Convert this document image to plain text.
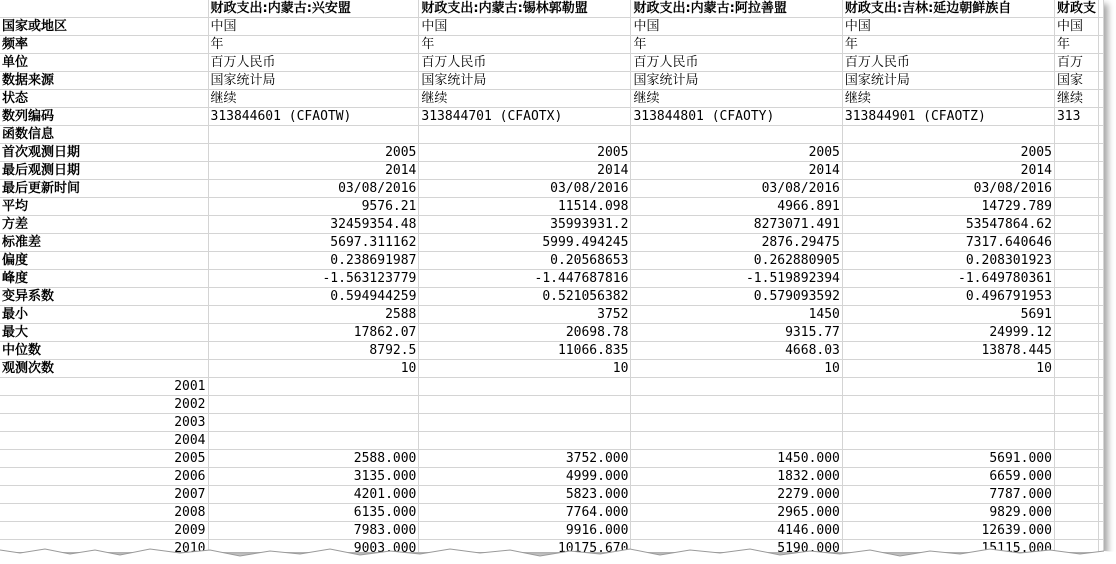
	财政支出:内蒙古:兴安盟	财政支出:内蒙古:锡林郭勒盟	财政支出:内蒙古:阿拉善盟	财政支出:吉林:延边朝鲜族自	财政支	
国家或地区	中国	中国	中国	中国	中国	
频率	年	年	年	年	年	
单位	百万人民币	百万人民币	百万人民币	百万人民币	百万	
数据来源	国家统计局	国家统计局	国家统计局	国家统计局	国家	
状态	继续	继续	继续	继续	继续	
数列编码	313844601 (CFAOTW)	313844701 (CFAOTX)	313844801 (CFAOTY)	313844901 (CFAOTZ)	313	
函数信息						
首次观测日期	2005	2005	2005	2005		
最后观测日期	2014	2014	2014	2014		
最后更新时间	03/08/2016	03/08/2016	03/08/2016	03/08/2016		
平均	9576.21	11514.098	4966.891	14729.789		
方差	32459354.48	35993931.2	8273071.491	53547864.62		
标准差	5697.311162	5999.494245	2876.29475	7317.640646		
偏度	0.238691987	0.20568653	0.262880905	0.208301923		
峰度	-1.563123779	-1.447687816	-1.519892394	-1.649780361		
变异系数	0.594944259	0.521056382	0.579093592	0.496791953		
最小	2588	3752	1450	5691		
最大	17862.07	20698.78	9315.77	24999.12		
中位数	8792.5	11066.835	4668.03	13878.445		
观测次数	10	10	10	10		
2001						
2002						
2003						
2004						
2005	2588.000	3752.000	1450.000	5691.000		
2006	3135.000	4999.000	1832.000	6659.000		
2007	4201.000	5823.000	2279.000	7787.000		
2008	6135.000	7764.000	2965.000	9829.000		
2009	7983.000	9916.000	4146.000	12639.000		
2010	9003.000	10175.670	5190.000	15115.000		
